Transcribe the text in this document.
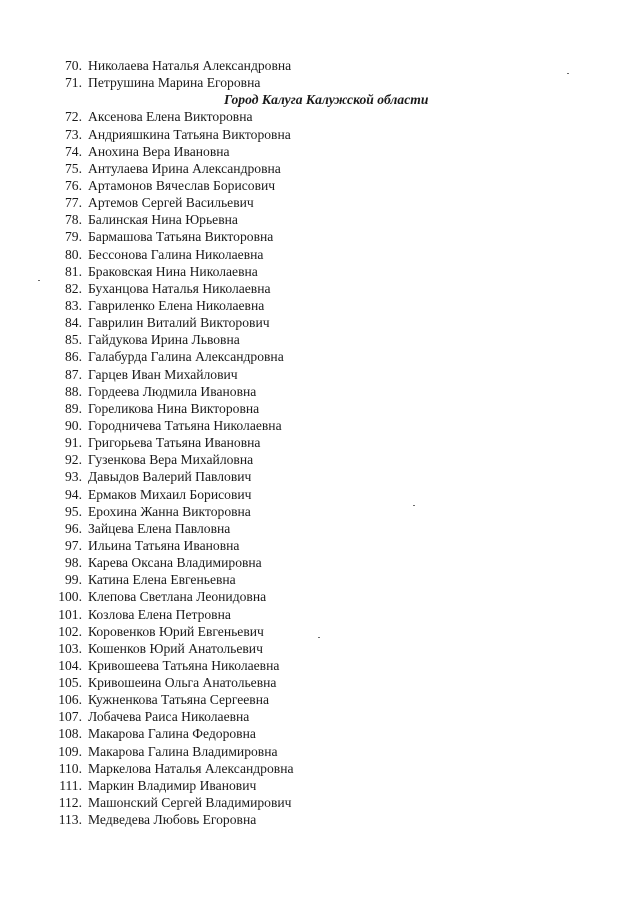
70. Николаева Наталья Александровна
71. Петрушина Марина Егоровна
Город Калуга Калужской области
72. Аксенова Елена Викторовна
73. Андрияшкина Татьяна Викторовна
74. Анохина Вера Ивановна
75. Антулаева Ирина Александровна
76. Артамонов Вячеслав Борисович
77. Артемов Сергей Васильевич
78. Балинская Нина Юрьевна
79. Бармашова Татьяна Викторовна
80. Бессонова Галина Николаевна
81. Браковская Нина Николаевна
82. Буханцова Наталья Николаевна
83. Гавриленко Елена Николаевна
84. Гаврилин Виталий Викторович
85. Гайдукова Ирина Львовна
86. Галабурда Галина Александровна
87. Гарцев Иван Михайлович
88. Гордеева Людмила Ивановна
89. Гореликова Нина Викторовна
90. Городничева Татьяна Николаевна
91. Григорьева Татьяна Ивановна
92. Гузенкова Вера Михайловна
93. Давыдов Валерий Павлович
94. Ермаков Михаил Борисович
95. Ерохина Жанна Викторовна
96. Зайцева Елена Павловна
97. Ильина Татьяна Ивановна
98. Карева Оксана Владимировна
99. Катина Елена Евгеньевна
100. Клепова Светлана Леонидовна
101. Козлова Елена Петровна
102. Коровенков Юрий Евгеньевич
103. Кошенков Юрий Анатольевич
104. Кривошеева Татьяна Николаевна
105. Кривошеина Ольга Анатольевна
106. Кужненкова Татьяна Сергеевна
107. Лобачева Раиса Николаевна
108. Макарова Галина Федоровна
109. Макарова Галина Владимировна
110. Маркелова Наталья Александровна
111. Маркин Владимир Иванович
112. Машонский Сергей Владимирович
113. Медведева Любовь Егоровна
